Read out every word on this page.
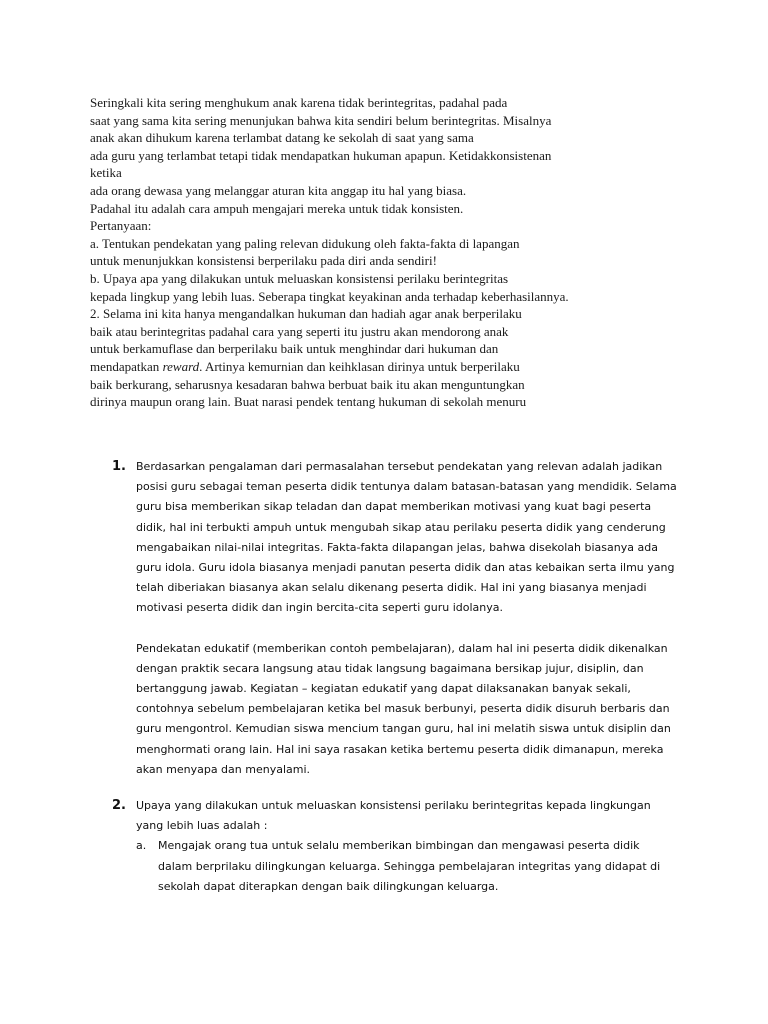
Seringkali kita sering menghukum anak karena tidak berintegritas, padahal pada
saat yang sama kita sering menunjukan bahwa kita sendiri belum berintegritas. Misalnya
anak akan dihukum karena terlambat datang ke sekolah di saat yang sama
ada guru yang terlambat tetapi tidak mendapatkan hukuman apapun. Ketidakkonsistenan
ketika
ada orang dewasa yang melanggar aturan kita anggap itu hal yang biasa.
Padahal itu adalah cara ampuh mengajari mereka untuk tidak konsisten.
Pertanyaan:
a. Tentukan pendekatan yang paling relevan didukung oleh fakta-fakta di lapangan
untuk menunjukkan konsistensi berperilaku pada diri anda sendiri!
b. Upaya apa yang dilakukan untuk meluaskan konsistensi perilaku berintegritas
kepada lingkup yang lebih luas. Seberapa tingkat keyakinan anda terhadap keberhasilannya.
2. Selama ini kita hanya mengandalkan hukuman dan hadiah agar anak berperilaku
baik atau berintegritas padahal cara yang seperti itu justru akan mendorong anak
untuk berkamuflase dan berperilaku baik untuk menghindar dari hukuman dan
mendapatkan reward. Artinya kemurnian dan keihklasan dirinya untuk berperilaku
baik berkurang, seharusnya kesadaran bahwa berbuat baik itu akan menguntungkan
dirinya maupun orang lain. Buat narasi pendek tentang hukuman di sekolah menuru
1. Berdasarkan pengalaman dari permasalahan tersebut pendekatan yang relevan adalah jadikan
posisi guru sebagai teman peserta didik tentunya dalam batasan-batasan yang mendidik. Selama
guru bisa memberikan sikap teladan dan dapat memberikan moti̇vasi yang kuat bagi peserta
didik, hal ini terbukti̇ ampuh untuk mengubah sikap atau perilaku peserta didik yang cenderung
mengabaikan nilai-nilai integritas. Fakta-fakta dilapangan jelas, bahwa disekolah biasanya ada
guru idola. Guru idola biasanya menjadi panutan peserta didik dan atas kebaikan serta ilmu yang
telah diberiakan biasanya akan selalu dikenang peserta didik. Hal ini yang biasanya menjadi
moti̇vasi peserta didik dan ingin bercita-cita seperti̇ guru idolanya.
Pendekatan edukati̇f (memberikan contoh pembelajaran), dalam hal ini peserta didik dikenalkan
dengan prakti̇k secara langsung atau ti̇dak langsung bagaimana bersikap jujur, disiplin, dan
bertanggung jawab. Kegiatan – kegiatan edukati̇f yang dapat dilaksanakan banyak sekali,
contohnya sebelum pembelajaran keti̇ka bel masuk berbunyi, peserta didik disuruh berbaris dan
guru mengontrol. Kemudian siswa mencium tangan guru, hal ini melati̇h siswa untuk disiplin dan
menghormati̇ orang lain. Hal ini saya rasakan keti̇ka bertemu peserta didik dimanapun, mereka
akan menyapa dan menyalami.
2. Upaya yang dilakukan untuk meluaskan konsistensi perilaku berintegritas kepada lingkungan
yang lebih luas adalah :
a. Mengajak orang tua untuk selalu memberikan bimbingan dan mengawasi peserta didik
dalam berprilaku dilingkungan keluarga. Sehingga pembelajaran integritas yang didapat di
sekolah dapat diterapkan dengan baik dilingkungan keluarga.
